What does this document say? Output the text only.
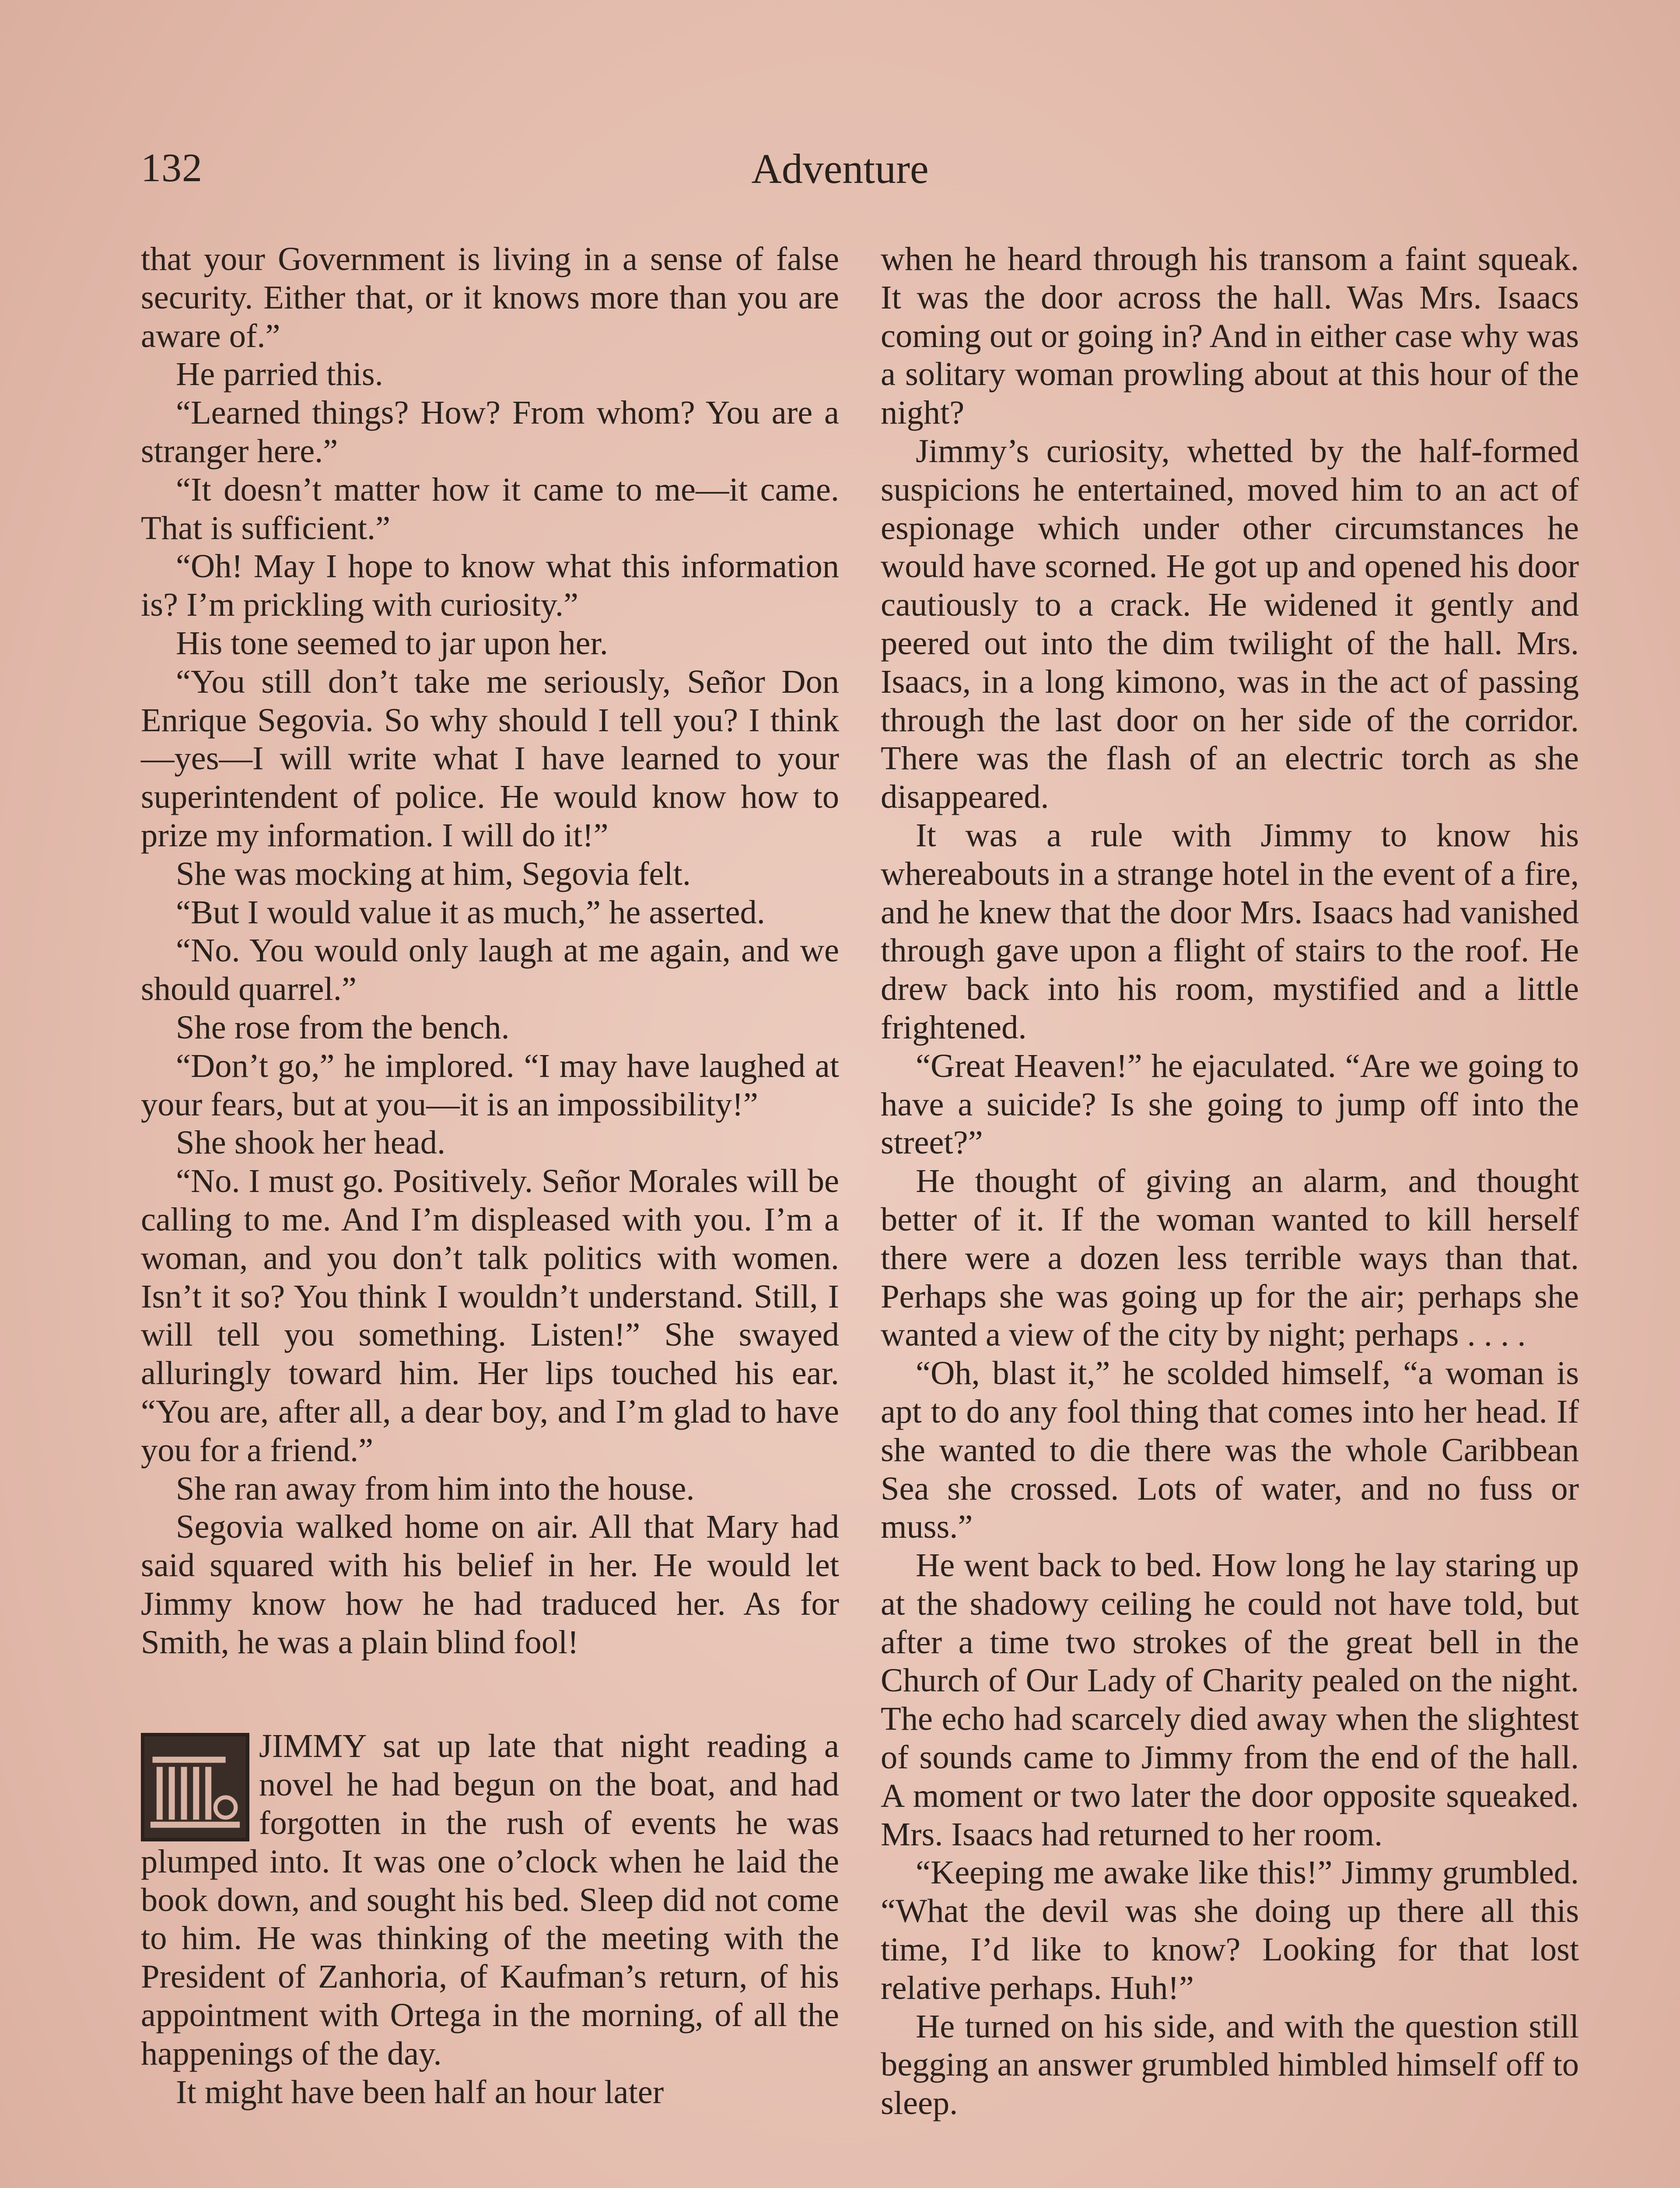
132	Adventure

that your Government is living in a sense of false security. Either that, or it knows more than you are aware of.”

He parried this.

“Learned things? How? From whom? You are a stranger here.”

“It doesn’t matter how it came to me—it came. That is sufficient.”

“Oh! May I hope to know what this information is? I’m prickling with curiosity.”

His tone seemed to jar upon her.

“You still don’t take me seriously, Señor Don Enrique Segovia. So why should I tell you? I think—yes—I will write what I have learned to your superintendent of police. He would know how to prize my information. I will do it!”

She was mocking at him, Segovia felt.

“But I would value it as much,” he asserted.

“No. You would only laugh at me again, and we should quarrel.”

She rose from the bench.

“Don’t go,” he implored. “I may have laughed at your fears, but at you—it is an impossibility!”

She shook her head.

“No. I must go. Positively. Señor Morales will be calling to me. And I’m displeased with you. I’m a woman, and you don’t talk politics with women. Isn’t it so? You think I wouldn’t understand. Still, I will tell you something. Listen!” She swayed alluringly toward him. Her lips touched his ear. “You are, after all, a dear boy, and I’m glad to have you for a friend.”

She ran away from him into the house.

Segovia walked home on air. All that Mary had said squared with his belief in her. He would let Jimmy know how he had traduced her. As for Smith, he was a plain blind fool!

JIMMY sat up late that night reading a novel he had begun on the boat, and had forgotten in the rush of events he was plumped into. It was one o’clock when he laid the book down, and sought his bed. Sleep did not come to him. He was thinking of the meeting with the President of Zanhoria, of Kaufman’s return, of his appointment with Ortega in the morning, of all the happenings of the day.

It might have been half an hour later

when he heard through his transom a faint squeak. It was the door across the hall. Was Mrs. Isaacs coming out or going in? And in either case why was a solitary woman prowling about at this hour of the night?

Jimmy’s curiosity, whetted by the half-formed suspicions he entertained, moved him to an act of espionage which under other circumstances he would have scorned. He got up and opened his door cautiously to a crack. He widened it gently and peered out into the dim twilight of the hall. Mrs. Isaacs, in a long kimono, was in the act of passing through the last door on her side of the corridor. There was the flash of an electric torch as she disappeared.

It was a rule with Jimmy to know his whereabouts in a strange hotel in the event of a fire, and he knew that the door Mrs. Isaacs had vanished through gave upon a flight of stairs to the roof. He drew back into his room, mystified and a little frightened.

“Great Heaven!” he ejaculated. “Are we going to have a suicide? Is she going to jump off into the street?”

He thought of giving an alarm, and thought better of it. If the woman wanted to kill herself there were a dozen less terrible ways than that. Perhaps she was going up for the air; perhaps she wanted a view of the city by night; perhaps . . . .

“Oh, blast it,” he scolded himself, “a woman is apt to do any fool thing that comes into her head. If she wanted to die there was the whole Caribbean Sea she crossed. Lots of water, and no fuss or muss.”

He went back to bed. How long he lay staring up at the shadowy ceiling he could not have told, but after a time two strokes of the great bell in the Church of Our Lady of Charity pealed on the night. The echo had scarcely died away when the slightest of sounds came to Jimmy from the end of the hall. A moment or two later the door opposite squeaked. Mrs. Isaacs had returned to her room.

“Keeping me awake like this!” Jimmy grumbled. “What the devil was she doing up there all this time, I’d like to know? Looking for that lost relative perhaps. Huh!”

He turned on his side, and with the question still begging an answer grumbled himbled himself off to sleep.
